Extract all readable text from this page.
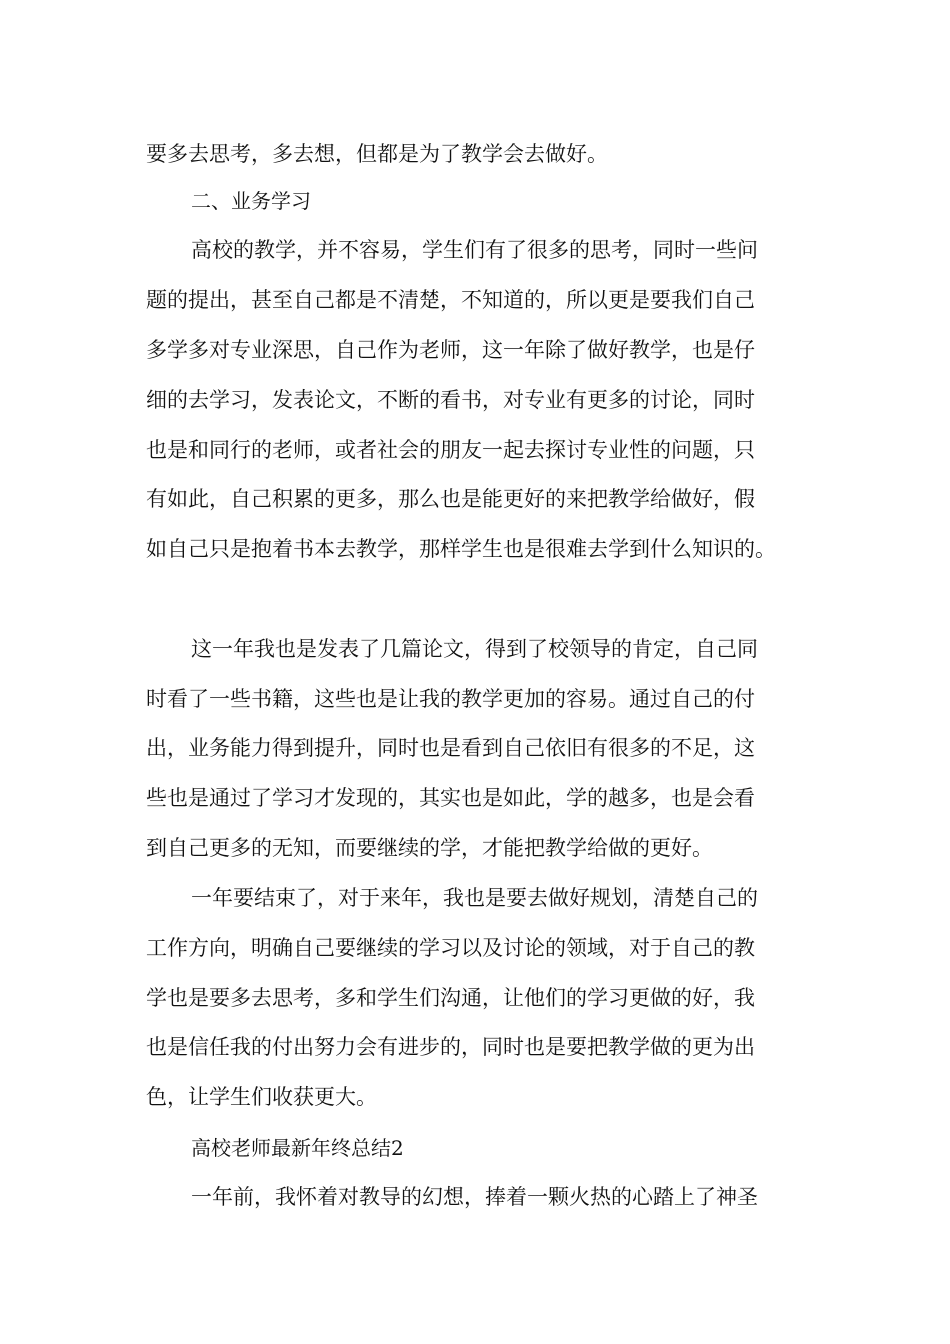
要多去思考，多去想，但都是为了教学会去做好。

二、业务学习

高校的教学，并不容易，学生们有了很多的思考，同时一些问

题的提出，甚至自己都是不清楚，不知道的，所以更是要我们自己

多学多对专业深思，自己作为老师，这一年除了做好教学，也是仔

细的去学习，发表论文，不断的看书，对专业有更多的讨论，同时

也是和同行的老师，或者社会的朋友一起去探讨专业性的问题，只

有如此，自己积累的更多，那么也是能更好的来把教学给做好，假

如自己只是抱着书本去教学，那样学生也是很难去学到什么知识的。

这一年我也是发表了几篇论文，得到了校领导的肯定，自己同

时看了一些书籍，这些也是让我的教学更加的容易。通过自己的付

出，业务能力得到提升，同时也是看到自己依旧有很多的不足，这

些也是通过了学习才发现的，其实也是如此，学的越多，也是会看

到自己更多的无知，而要继续的学，才能把教学给做的更好。

一年要结束了，对于来年，我也是要去做好规划，清楚自己的

工作方向，明确自己要继续的学习以及讨论的领域，对于自己的教

学也是要多去思考，多和学生们沟通，让他们的学习更做的好，我

也是信任我的付出努力会有进步的，同时也是要把教学做的更为出

色，让学生们收获更大。

高校老师最新年终总结2

一年前，我怀着对教导的幻想，捧着一颗火热的心踏上了神圣
